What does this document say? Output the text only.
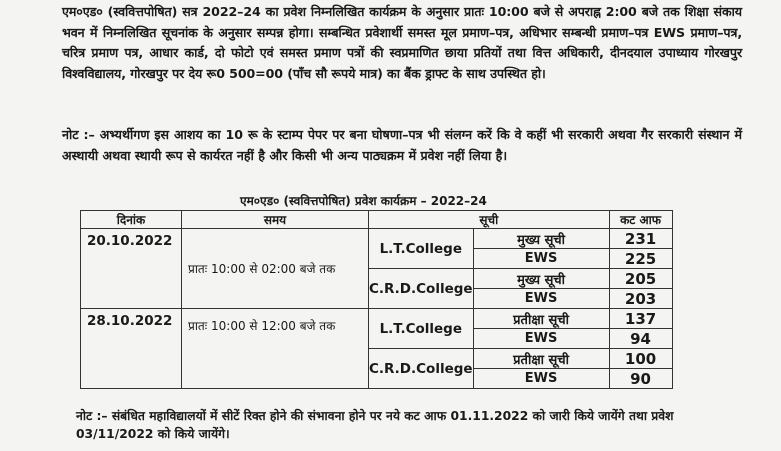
एम०एड० (स्ववित्तपोषित) सत्र 2022–24 का प्रवेश निम्नलिखित कार्यक्रम के अनुसार प्रातः 10:00 बजे से अपराह्न 2:00 बजे तक शिक्षा संकाय भवन में निम्नलिखित सूचनांक के अनुसार सम्पन्न होगा। सम्बन्धित प्रवेशार्थी समस्त मूल प्रमाण–पत्र, अधिभार सम्बन्धी प्रमाण–पत्र EWS प्रमाण–पत्र, चरित्र प्रमाण पत्र, आधार कार्ड, दो फोटो एवं समस्त प्रमाण पत्रों की स्वप्रमाणित छाया प्रतियों तथा वित्त अधिकारी, दीनदयाल उपाध्याय गोरखपुर विश्वविद्यालय, गोरखपुर पर देय रू0 500=00 (पाँच सौ रूपये मात्र) का बैंक ड्राफ्ट के साथ उपस्थित हो।
नोट :– अभ्यर्थीगण इस आशय का 10 रू के स्टाम्प पेपर पर बना घोषणा–पत्र भी संलग्न करें कि वे कहीं भी सरकारी अथवा गैर सरकारी संस्थान में अस्थायी अथवा स्थायी रूप से कार्यरत नहीं है और किसी भी अन्य पाठ्यक्रम में प्रवेश नहीं लिया है।
एम०एड० (स्ववित्तपोषित) प्रवेश कार्यक्रम – 2022–24
दिनांक	समय	सूची		कट आफ
20.10.2022	प्रातः 10:00 से 02:00 बजे तक	L.T.College	मुख्य सूची	231
			EWS	225
		C.R.D.College	मुख्य सूची	205
			EWS	203
28.10.2022	प्रातः 10:00 से 12:00 बजे तक	L.T.College	प्रतीक्षा सूची	137
			EWS	94
		C.R.D.College	प्रतीक्षा सूची	100
			EWS	90
नोट :– संबंधित महाविद्यालयों में सीटें रिक्त होने की संभावना होने पर नये कट आफ 01.11.2022 को जारी किये जायेंगे तथा प्रवेश 03/11/2022 को किये जायेंगे।
